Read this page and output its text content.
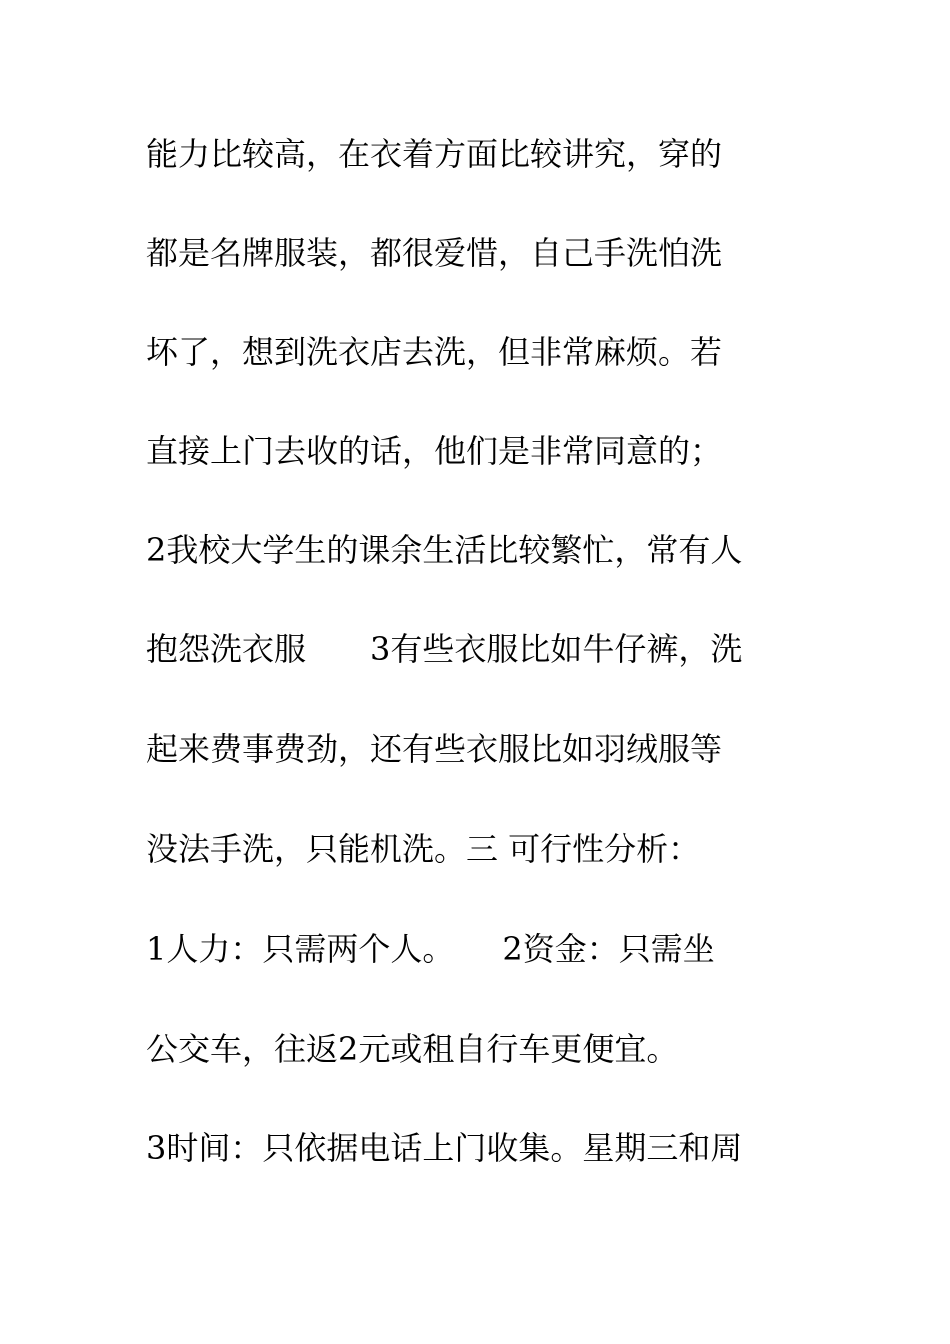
能力比较高，在衣着方面比较讲究，穿的
都是名牌服装，都很爱惜，自己手洗怕洗
坏了，想到洗衣店去洗，但非常麻烦。若
直接上门去收的话，他们是非常同意的；
2我校大学生的课余生活比较繁忙，常有人
抱怨洗衣服　　3有些衣服比如牛仔裤，洗
起来费事费劲，还有些衣服比如羽绒服等
没法手洗，只能机洗。三 可行性分析：
1人力：只需两个人。　　2资金：只需坐
公交车，往返2元或租自行车更便宜。
3时间：只依据电话上门收集。星期三和周
